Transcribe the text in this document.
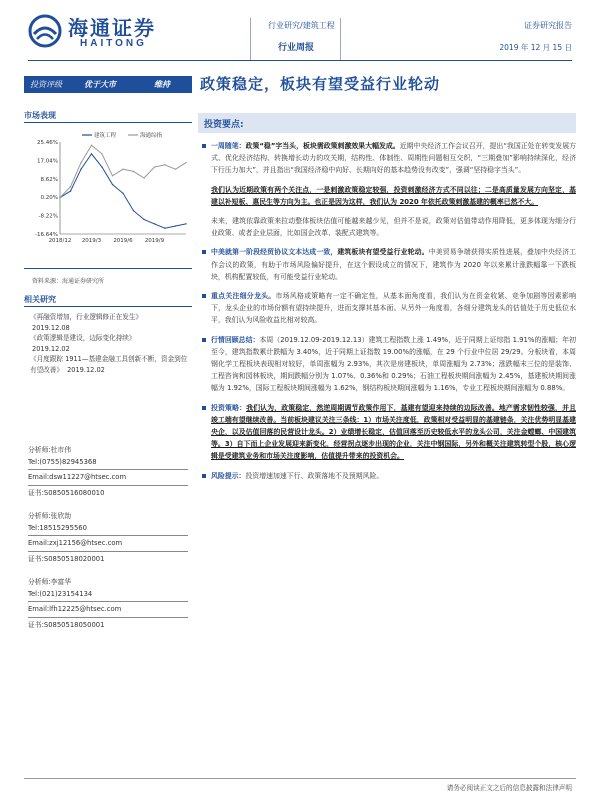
海通证券
HAITONG
行业研究/建筑工程
行业周报
证券研究报告
2019 年 12 月 15 日
投资评级	优于大市	维持 政策稳定，板块有望受益行业轮动
市场表现
25.46%
17.04%
8.62%
0.20%
-8.22%
-16.64%
2018/12 2019/3 2019/6 2019/9
建筑工程	海通综指
资料来源：海通证券研究所
相关研究
《再融资增加，行业逻辑修正在发生》
2019.12.08
《政策逻辑是建设，边际变化持续》
2019.12.02
《月度跟踪 1911—基建金融工具创新不断，资金到位有望改善》 2019.12.02
分析师:杜市伟
Tel:(0755)82945368
Email:dsw11227@htsec.com
证书:S0850516080010
分析师:张欣劼
Tel:18515295560
Email:zxj12156@htsec.com
证书:S0850518020001
分析师:李富华
Tel:(021)23154134
Email:lfh12225@htsec.com
证书:S0850518050001
投资要点:
一周随笔：政策“稳”字当头，板块需政策刺激效果大幅发成。近期中央经济工作会议召开，提出“我国正处在转变发展方式、优化经济结构、转换增长动力的攻关期，结构性、体制性、周期性问题相互交织，“三期叠加”影响持续深化，经济下行压力加大”，并且指出“我国经济稳中向好、长期向好的基本趋势没有改变”，强调“坚持稳字当头”。
我们认为近期政策有两个关注点，一是刺激政策稳定较强，投资刺激经济方式不同以往；二是高质量发展方向坚定，基建以补短板、惠民生等方向为主。也正是因为这样，我们认为 2020 年依托政策刺激基建的概率已然不大。
未来，建筑依靠政策来拉动整体板块估值可能越来越少见，但并不是说，政策对估值带动作用降低，更多体现为细分行业政策、或者企业层面，比如国企改革、装配式建筑等。
中美就第一阶段经贸协议文本达成一致，建筑板块有望受益行业轮动。中美贸易争端获得实质性进展，叠加中央经济工作会议的政策，有助于市场风险偏好提升，在这个假设成立的情况下，建筑作为 2020 年以来累计涨跌幅靠一下跌板块，机构配置较低，有可能受益行业轮动。
重点关注细分龙头。市场风格或策略有一定不确定性，从基本面角度看，我们认为在资金收紧、竞争加剧等因素影响下，龙头企业的市场份额有望持续提升，进而支撑其基本面。从另外一角度看，各细分建筑龙头的估值处于历史低位水平，我们认为风险收益比相对较高。
行情回顾总结：本周（2019.12.09-2019.12.13）建筑工程指数上涨 1.49%，近于同期上证综指 1.91%的涨幅；年初至今，建筑指数累计跌幅为 3.40%，近于同期上证指数 19.00%的涨幅，在 29 个行业中位居 29/29。分板块看，本周钢化学工程板块表现相对较好，单周涨幅为 2.93%，其次是房建板块，单周涨幅为 2.73%；涨跌幅末三位的是装饰、工程咨询和园林板块，期间跌幅分别为 1.07%、0.36%和 0.29%；石油工程板块期间涨幅为 2.45%，基建板块期间涨幅为 1.92%，国际工程板块期间涨幅为 1.62%，钢结构板块期间涨幅为 1.16%，专业工程板块期间涨幅为 0.88%。
投资策略：我们认为，政策稳定，然逆周期调节政策作用下，基建有望迎来持续的边际改善。地产需求韧性较强，并且竣工端有望继续改善。当前板块建议关注三条线：1）市场关注度低，政策相对受益明显的基建链条，关注优势明显基建央企，以及估值回落的民营设计龙头。2）业绩增长稳定，估值回落至历史较低水平的龙头公司，关注金螳螂、中国建筑等。3）自下而上企业发展迎来新变化，经营拐点逐步出现的企业，关注中钢国际，另外和概关注建筑转型个股，核心逻辑是受建筑业务和市场关注度影响，估值提升带来的投资机会。
风险提示：投资增速加速下行、政策落地不及预期风险。
请务必阅读正文之后的信息披露和法律声明
